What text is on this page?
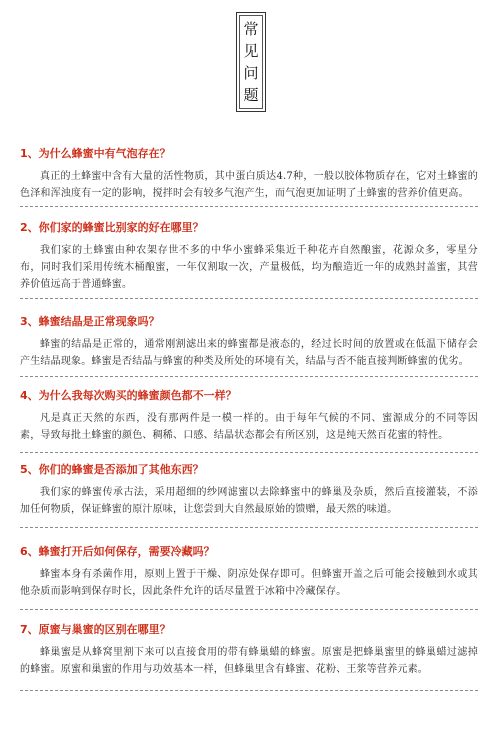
常
见
问
题
1、为什么蜂蜜中有气泡存在？
真正的土蜂蜜中含有大量的活性物质，其中蛋白质达4.7种，一般以胶体物质存在，它对土蜂蜜的色泽和浑浊度有一定的影响，搅拌时会有较多气泡产生，而气泡更加证明了土蜂蜜的营养价值更高。
2、你们家的蜂蜜比别家的好在哪里？
我们家的土蜂蜜由种农架存世不多的中华小蜜蜂采集近千种花卉自然酿蜜，花源众多，零星分布，同时我们采用传统木桶酿蜜，一年仅割取一次，产量极低，均为酿造近一年的成熟封盖蜜，其营养价值远高于普通蜂蜜。
3、蜂蜜结晶是正常现象吗？
蜂蜜的结晶是正常的，通常刚割滤出来的蜂蜜都是液态的，经过长时间的放置或在低温下储存会产生结晶现象。蜂蜜是否结晶与蜂蜜的种类及所处的环境有关，结晶与否不能直接判断蜂蜜的优劣。
4、为什么我每次购买的蜂蜜颜色都不一样？
凡是真正天然的东西，没有那两件是一模一样的。由于每年气候的不同、蜜源成分的不同等因素，导致每批土蜂蜜的颜色、稠稀、口感、结晶状态都会有所区别，这是纯天然百花蜜的特性。
5、你们的蜂蜜是否添加了其他东西？
我们家的蜂蜜传承古法，采用超细的纱网滤蜜以去除蜂蜜中的蜂巢及杂质，然后直接灌装，不添加任何物质，保证蜂蜜的原汁原味，让您尝到大自然最原始的馈赠，最天然的味道。
6、蜂蜜打开后如何保存，需要冷藏吗？
蜂蜜本身有杀菌作用，原则上置于干燥、阴凉处保存即可。但蜂蜜开盖之后可能会接触到水或其他杂质而影响到保存时长，因此条件允许的话尽量置于冰箱中冷藏保存。
7、原蜜与巢蜜的区别在哪里？
蜂巢蜜是从蜂窝里割下来可以直接食用的带有蜂巢蜡的蜂蜜。原蜜是把蜂巢蜜里的蜂巢蜡过滤掉的蜂蜜。原蜜和巢蜜的作用与功效基本一样，但蜂巢里含有蜂蜜、花粉、王浆等营养元素。
